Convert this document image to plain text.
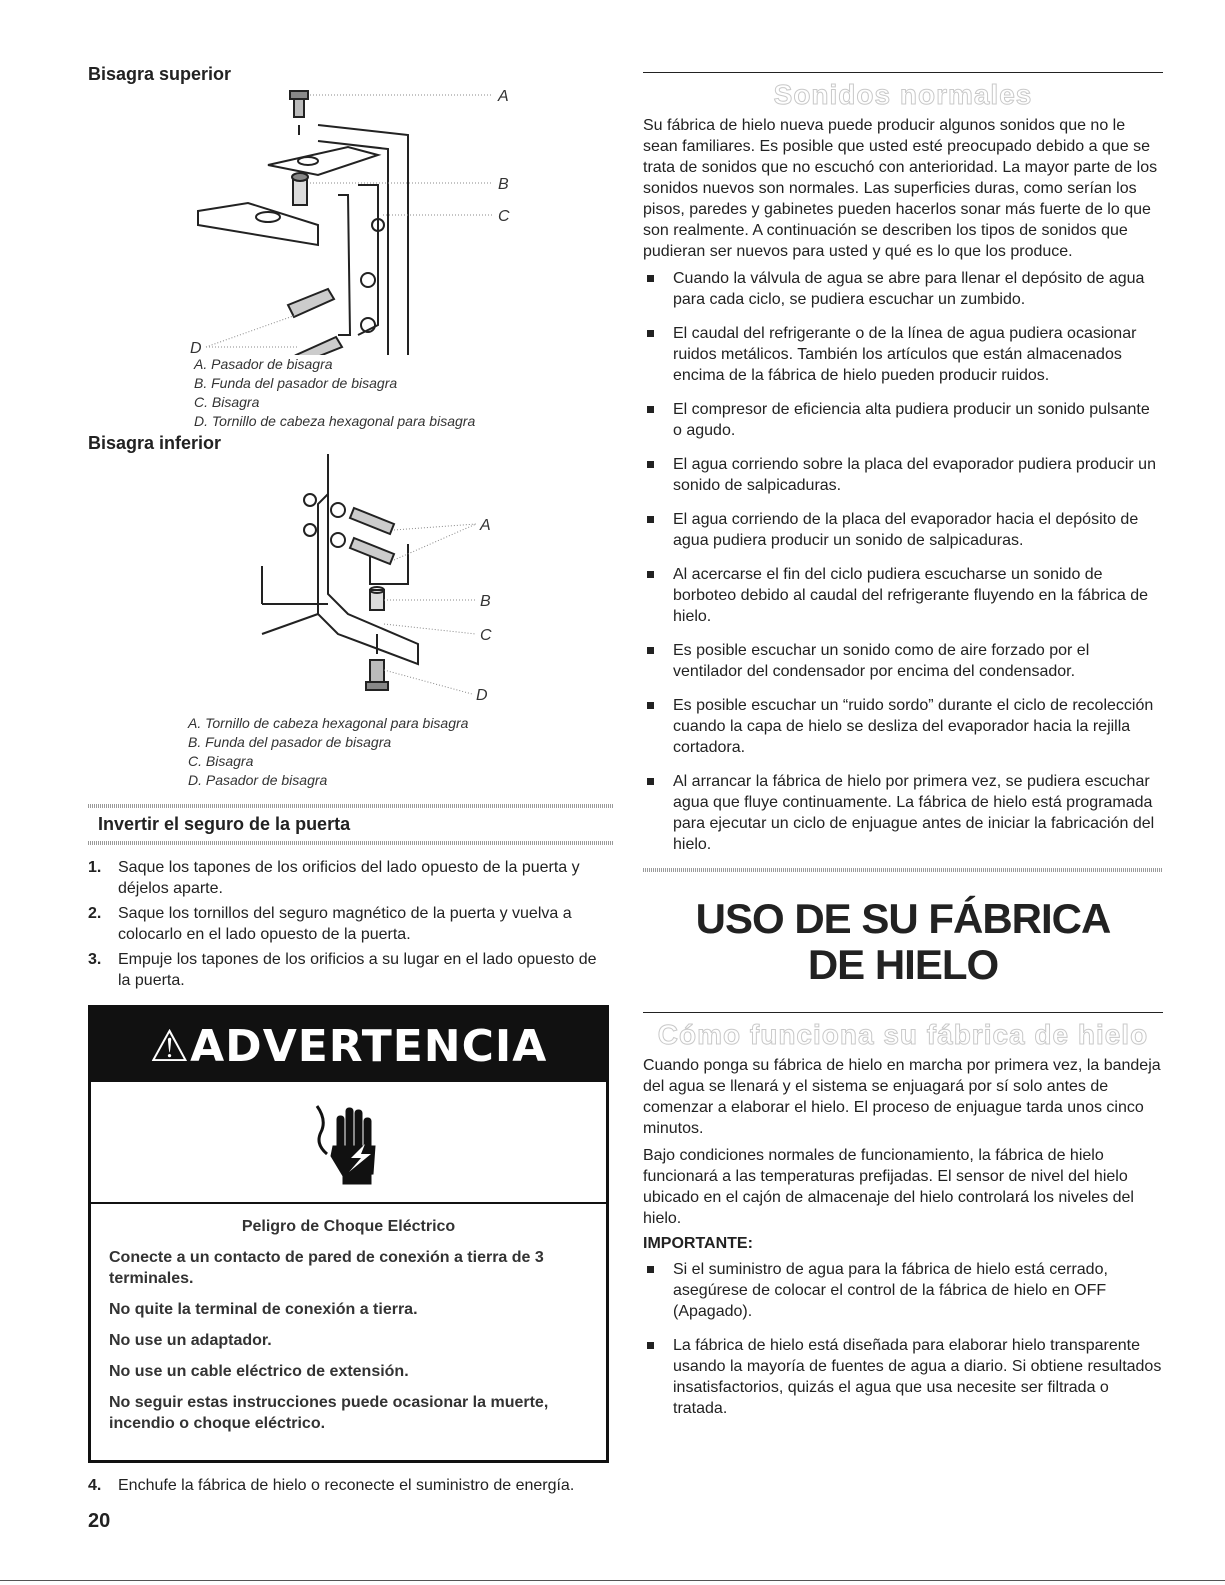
Bisagra superior
A
B
C
D
A. Pasador de bisagra
B. Funda del pasador de bisagra
C. Bisagra
D. Tornillo de cabeza hexagonal para bisagra
Bisagra inferior
A
B
C
D
A. Tornillo de cabeza hexagonal para bisagra
B. Funda del pasador de bisagra
C. Bisagra
D. Pasador de bisagra
Invertir el seguro de la puerta
1. Saque los tapones de los orificios del lado opuesto de la puerta y déjelos aparte.
2. Saque los tornillos del seguro magnético de la puerta y vuelva a colocarlo en el lado opuesto de la puerta.
3. Empuje los tapones de los orificios a su lugar en el lado opuesto de la puerta.
⚠ADVERTENCIA

Peligro de Choque Eléctrico

Conecte a un contacto de pared de conexión a tierra de 3 terminales.

No quite la terminal de conexión a tierra.

No use un adaptador.

No use un cable eléctrico de extensión.

No seguir estas instrucciones puede ocasionar la muerte, incendio o choque eléctrico.

4. Enchufe la fábrica de hielo o reconecte el suministro de energía.
20
Sonidos normales

Su fábrica de hielo nueva puede producir algunos sonidos que no le sean familiares. Es posible que usted esté preocupado debido a que se trata de sonidos que no escuchó con anterioridad. La mayor parte de los sonidos nuevos son normales. Las superficies duras, como serían los pisos, paredes y gabinetes pueden hacerlos sonar más fuerte de lo que son realmente. A continuación se describen los tipos de sonidos que pudieran ser nuevos para usted y qué es lo que los produce.

Cuando la válvula de agua se abre para llenar el depósito de agua para cada ciclo, se pudiera escuchar un zumbido.
El caudal del refrigerante o de la línea de agua pudiera ocasionar ruidos metálicos. También los artículos que están almacenados encima de la fábrica de hielo pueden producir ruidos.
El compresor de eficiencia alta pudiera producir un sonido pulsante o agudo.
El agua corriendo sobre la placa del evaporador pudiera producir un sonido de salpicaduras.
El agua corriendo de la placa del evaporador hacia el depósito de agua pudiera producir un sonido de salpicaduras.
Al acercarse el fin del ciclo pudiera escucharse un sonido de borboteo debido al caudal del refrigerante fluyendo en la fábrica de hielo.
Es posible escuchar un sonido como de aire forzado por el ventilador del condensador por encima del condensador.
Es posible escuchar un “ruido sordo” durante el ciclo de recolección cuando la capa de hielo se desliza del evaporador hacia la rejilla cortadora.
Al arrancar la fábrica de hielo por primera vez, se pudiera escuchar agua que fluye continuamente. La fábrica de hielo está programada para ejecutar un ciclo de enjuague antes de iniciar la fabricación del hielo.
USO DE SU FÁBRICA
DE HIELO
Cómo funciona su fábrica de hielo

Cuando ponga su fábrica de hielo en marcha por primera vez, la bandeja del agua se llenará y el sistema se enjuagará por sí solo antes de comenzar a elaborar el hielo. El proceso de enjuague tarda unos cinco minutos.

Bajo condiciones normales de funcionamiento, la fábrica de hielo funcionará a las temperaturas prefijadas. El sensor de nivel del hielo ubicado en el cajón de almacenaje del hielo controlará los niveles del hielo.

IMPORTANTE:

Si el suministro de agua para la fábrica de hielo está cerrado, asegúrese de colocar el control de la fábrica de hielo en OFF (Apagado).
La fábrica de hielo está diseñada para elaborar hielo transparente usando la mayoría de fuentes de agua a diario. Si obtiene resultados insatisfactorios, quizás el agua que usa necesite ser filtrada o tratada.
